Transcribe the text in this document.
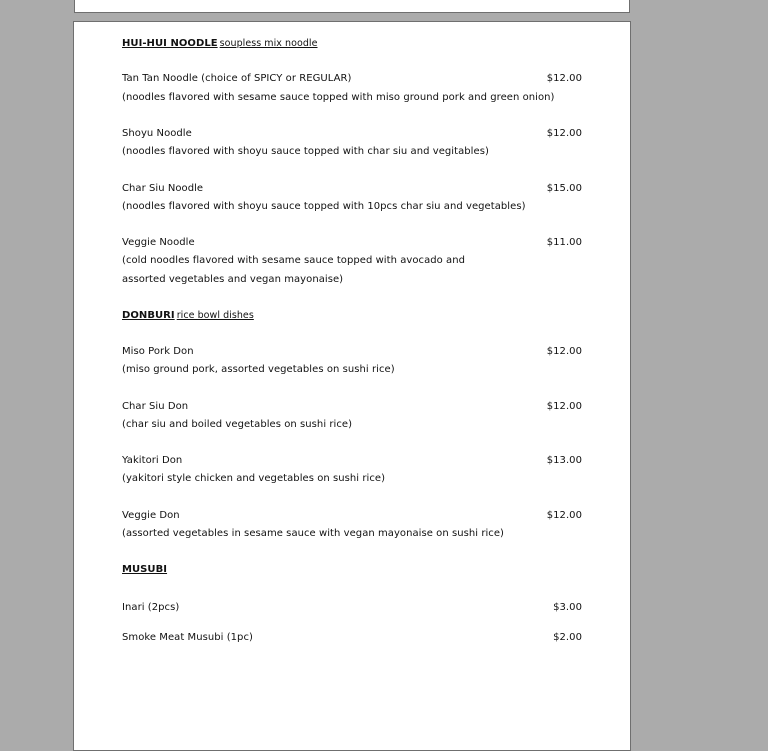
HUI-HUI NOODLE soupless mix noodle
Tan Tan Noodle (choice of SPICY or REGULAR)	$12.00
(noodles flavored with sesame sauce topped with miso ground pork and green onion)
Shoyu Noodle	$12.00
(noodles flavored with shoyu sauce topped with char siu and vegitables)
Char Siu Noodle	$15.00
(noodles flavored with shoyu sauce topped with 10pcs char siu and vegetables)
Veggie Noodle	$11.00
(cold noodles flavored with sesame sauce topped with avocado and
assorted vegetables and vegan mayonaise)
DONBURI rice bowl dishes
Miso Pork Don	$12.00
(miso ground pork, assorted vegetables on sushi rice)
Char Siu Don	$12.00
(char siu and boiled vegetables on sushi rice)
Yakitori Don	$13.00
(yakitori style chicken and vegetables on sushi rice)
Veggie Don	$12.00
(assorted vegetables in sesame sauce with vegan mayonaise on sushi rice)
MUSUBI
Inari (2pcs)	$3.00
Smoke Meat Musubi (1pc)	$2.00
